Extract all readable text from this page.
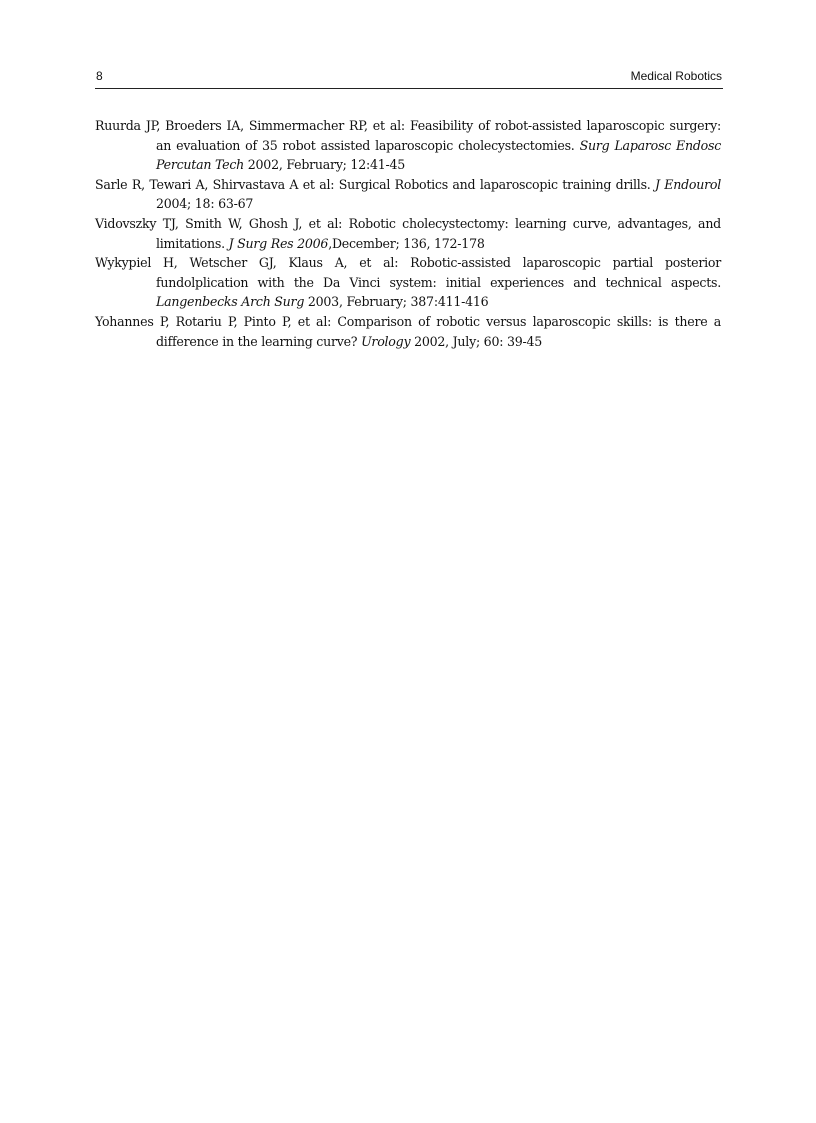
8	Medical Robotics

Ruurda JP, Broeders IA, Simmermacher RP, et al: Feasibility of robot-assisted laparoscopic surgery: an evaluation of 35 robot assisted laparoscopic cholecystectomies. Surg Laparosc Endosc Percutan Tech 2002, February; 12:41-45

Sarle R, Tewari A, Shirvastava A et al: Surgical Robotics and laparoscopic training drills. J Endourol 2004; 18: 63-67

Vidovszky TJ, Smith W, Ghosh J, et al: Robotic cholecystectomy: learning curve, advantages, and limitations. J Surg Res 2006,December; 136, 172-178

Wykypiel H, Wetscher GJ, Klaus A, et al: Robotic-assisted laparoscopic partial posterior fundolplication with the Da Vinci system: initial experiences and technical aspects. Langenbecks Arch Surg 2003, February; 387:411-416

Yohannes P, Rotariu P, Pinto P, et al: Comparison of robotic versus laparoscopic skills: is there a difference in the learning curve? Urology 2002, July; 60: 39-45
